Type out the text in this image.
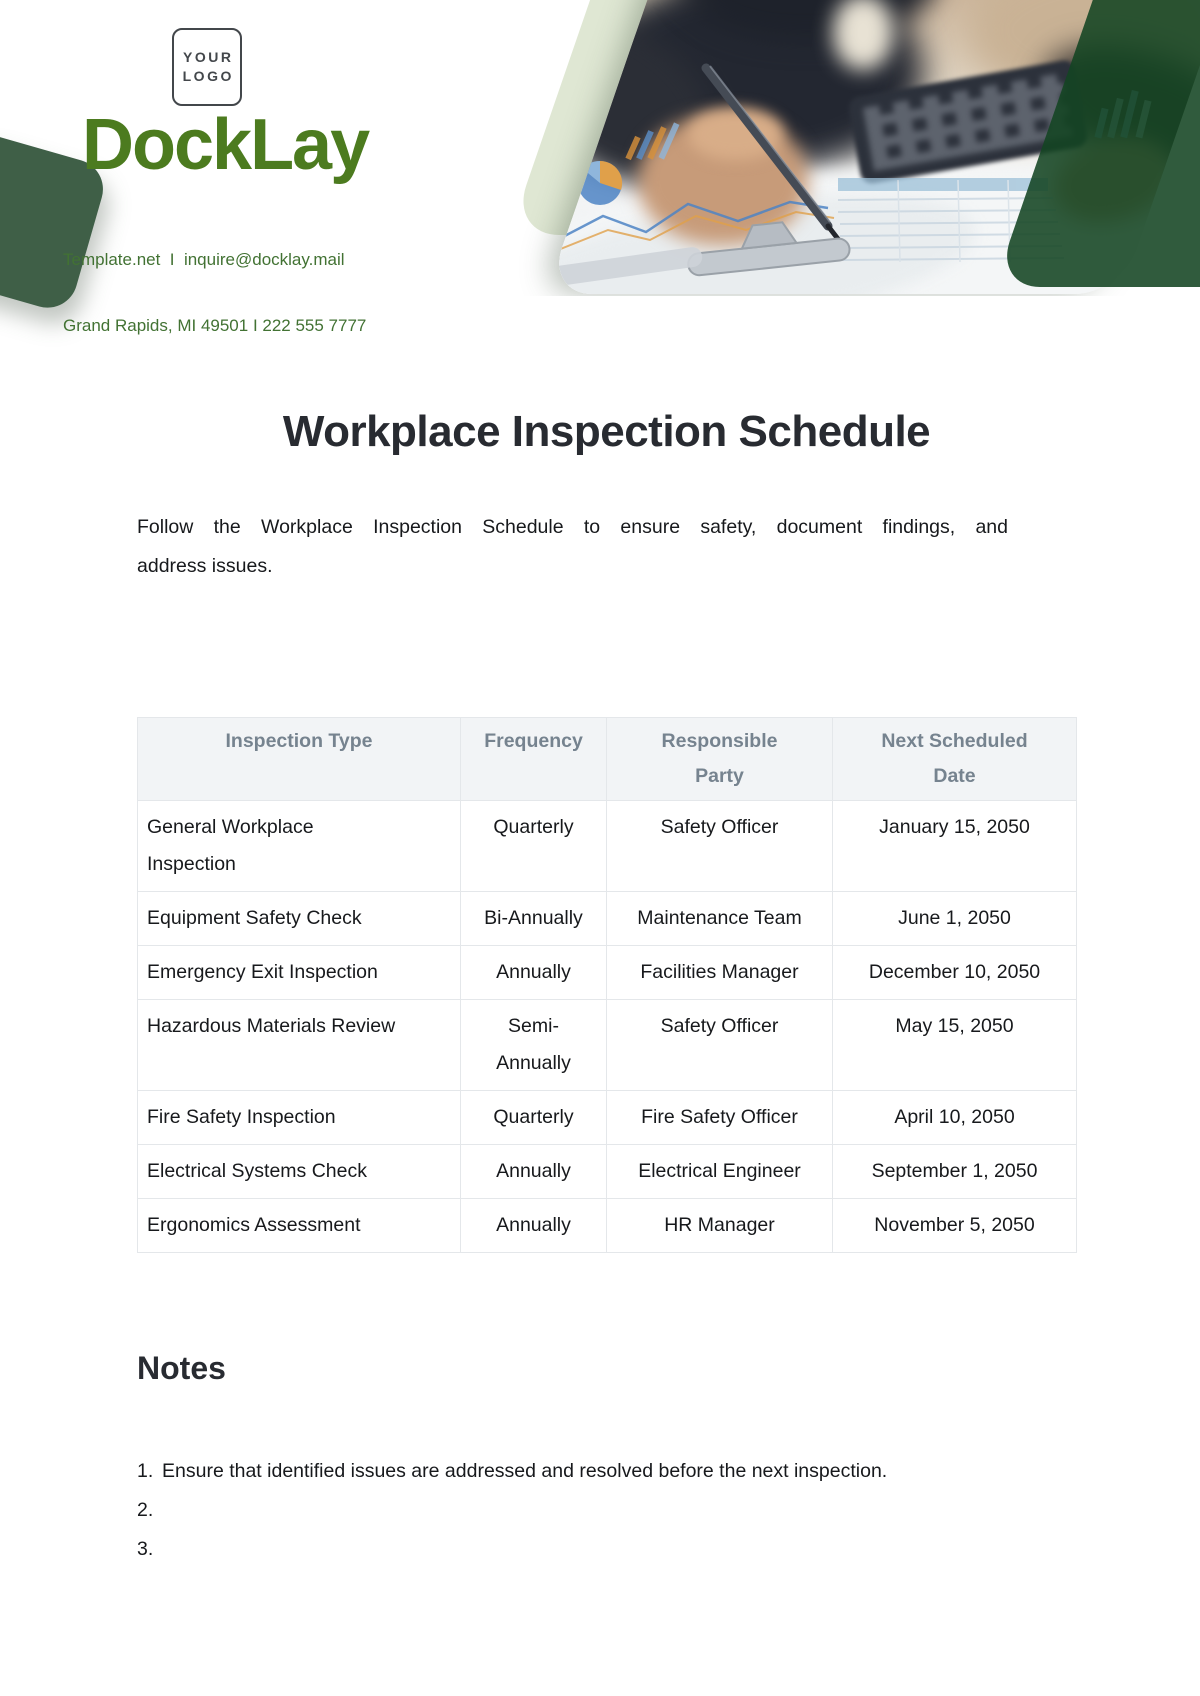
YOUR
LOGO
DockLay

Template.net  I  inquire@docklay.mail

Grand Rapids, MI 49501 I 222 555 7777

Workplace Inspection Schedule
Follow the Workplace Inspection Schedule to ensure safety, document findings, and
address issues.
Inspection Type	Frequency	Responsible Party	Next Scheduled Date
General Workplace Inspection	Quarterly	Safety Officer	January 15, 2050
Equipment Safety Check	Bi-Annually	Maintenance Team	June 1, 2050
Emergency Exit Inspection	Annually	Facilities Manager	December 10, 2050
Hazardous Materials Review	Semi-Annually	Safety Officer	May 15, 2050
Fire Safety Inspection	Quarterly	Fire Safety Officer	April 10, 2050
Electrical Systems Check	Annually	Electrical Engineer	September 1, 2050
Ergonomics Assessment	Annually	HR Manager	November 5, 2050
Notes
1. Ensure that identified issues are addressed and resolved before the next inspection.
2.
3.
